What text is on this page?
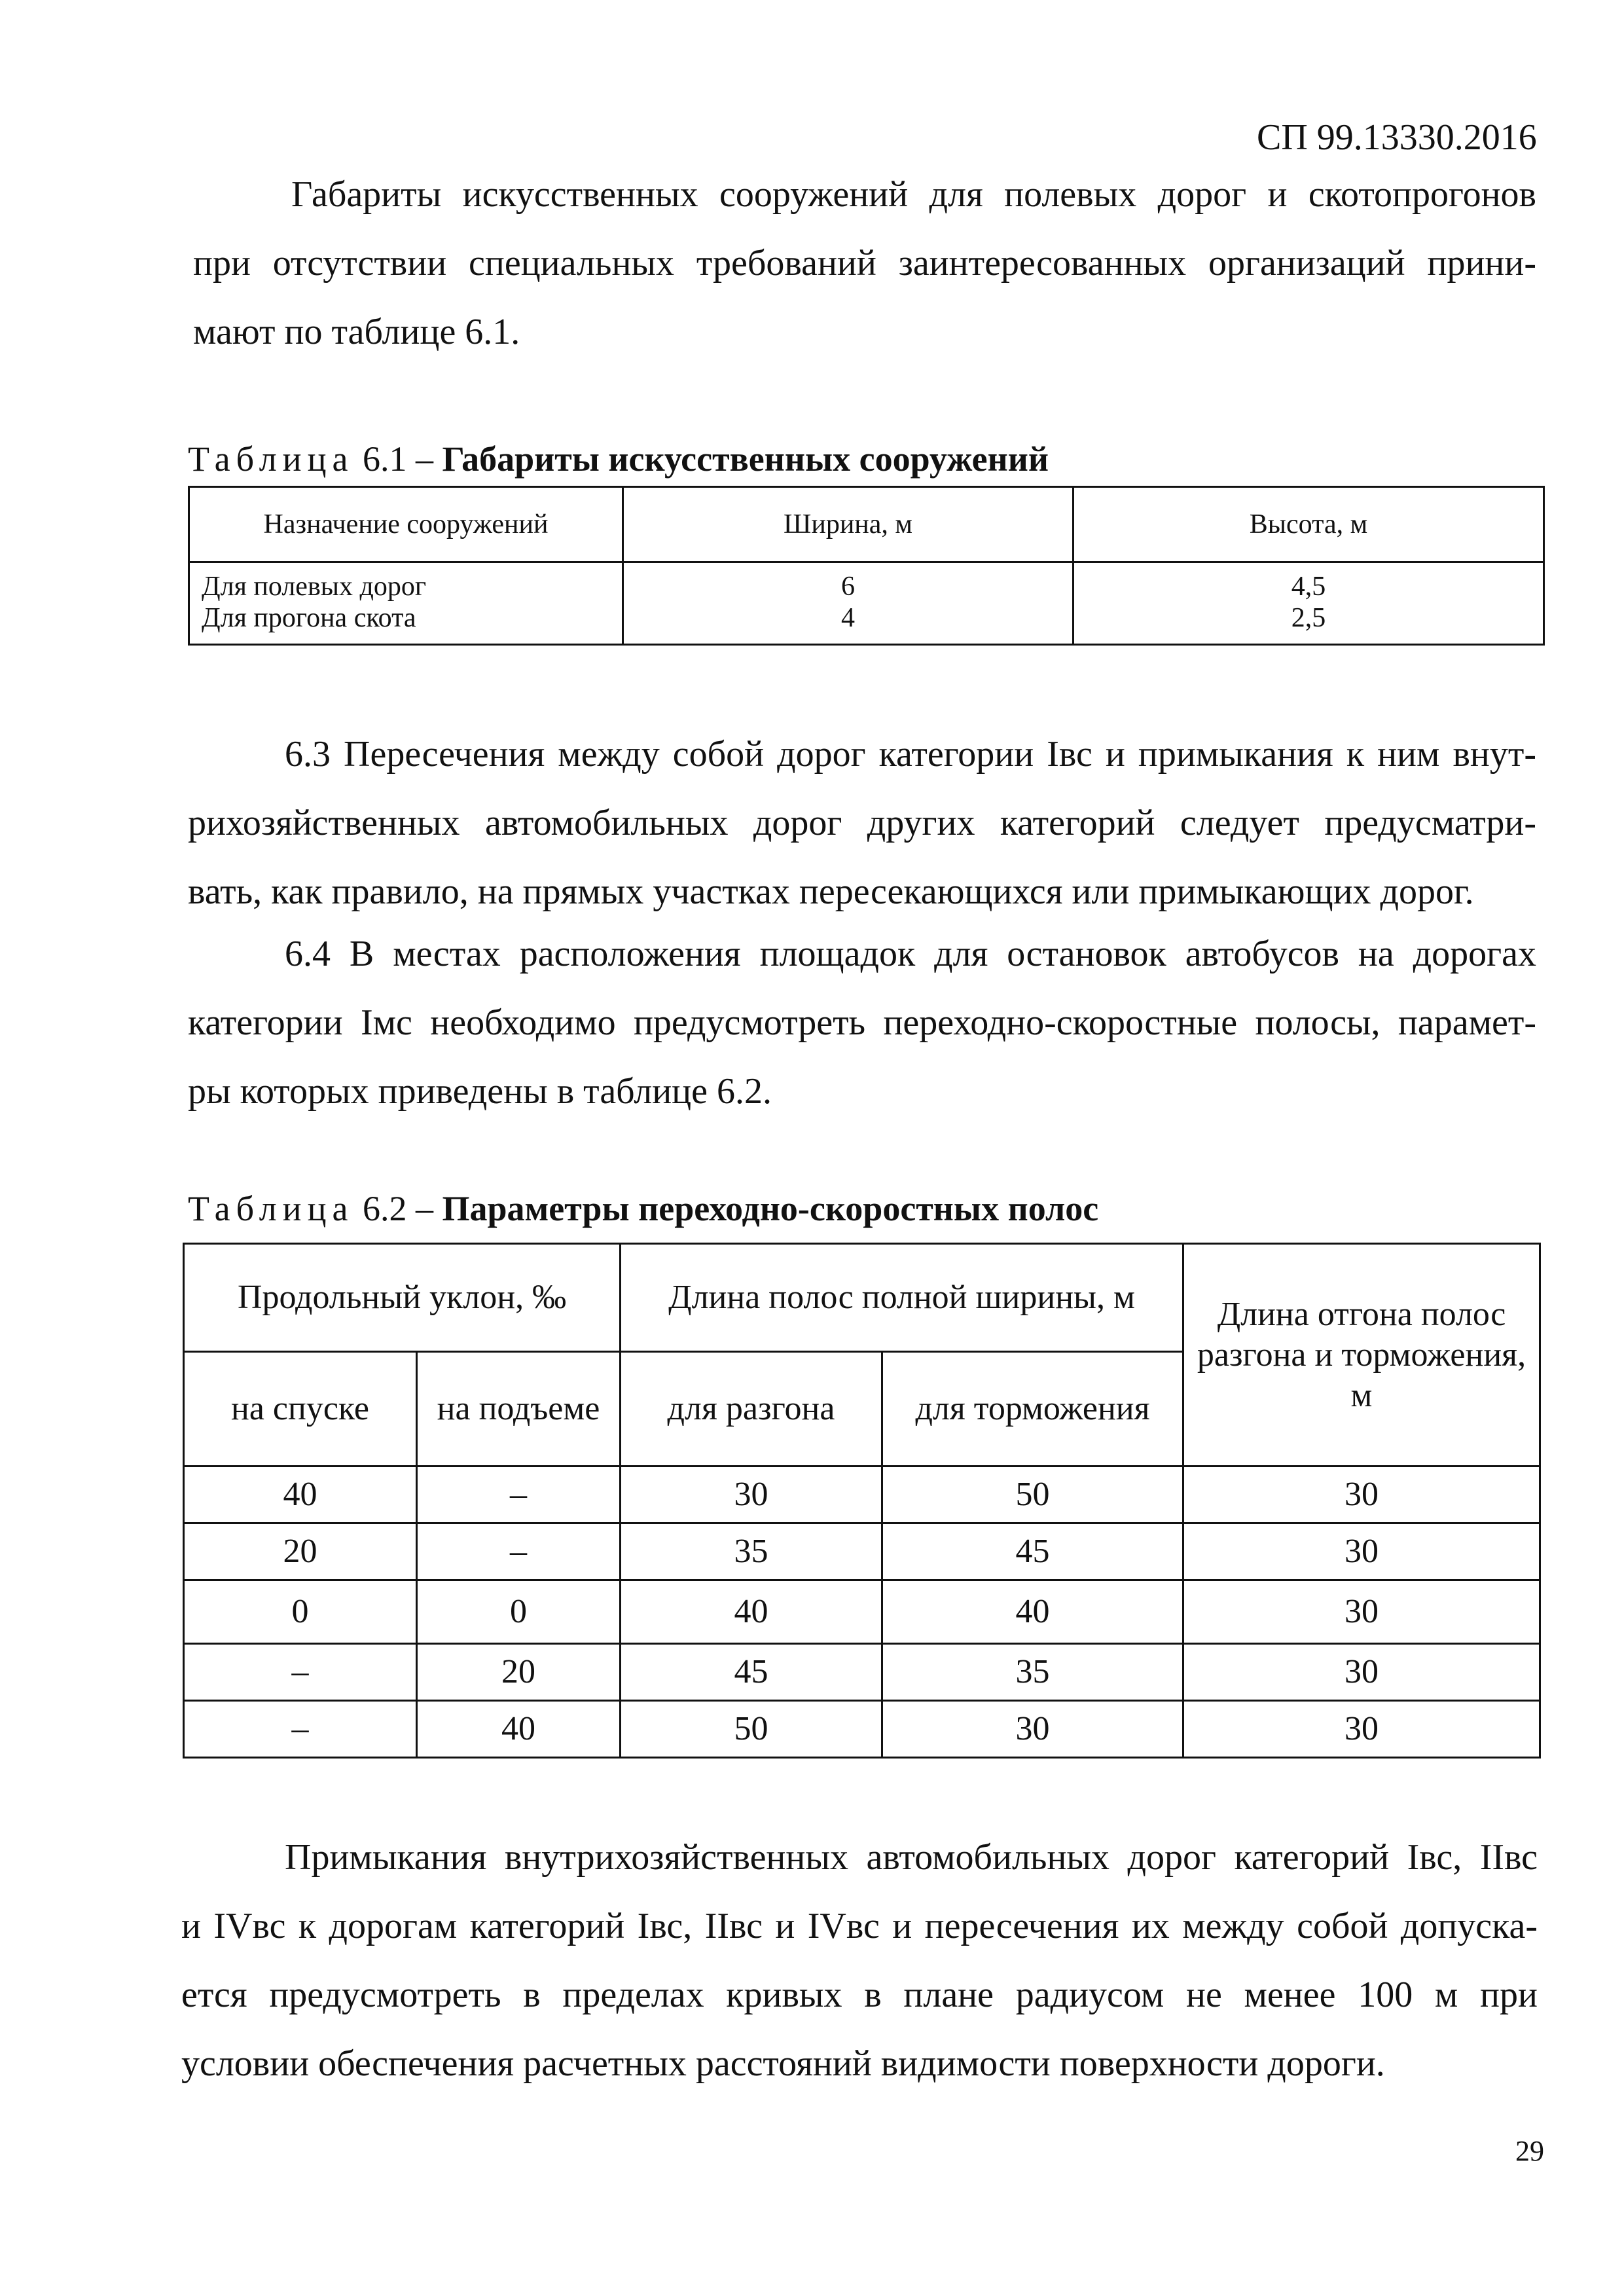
СП 99.13330.2016
Габариты искусственных сооружений для полевых дорог и скотопрогонов
при отсутствии специальных требований заинтересованных организаций прини-
мают по таблице 6.1.
Таблица 6.1 – Габариты искусственных сооружений
Назначение сооружений	Ширина, м	Высота, м
Для полевых дорог	6	4,5
Для прогона скота	4	2,5
6.3 Пересечения между собой дорог категории Iвс и примыкания к ним внут-
рихозяйственных автомобильных дорог других категорий следует предусматри-
вать, как правило, на прямых участках пересекающихся или примыкающих дорог.
6.4 В местах расположения площадок для остановок автобусов на дорогах
категории Iмс необходимо предусмотреть переходно-скоростные полосы, парамет-
ры которых приведены в таблице 6.2.
Таблица 6.2 – Параметры переходно-скоростных полос
Продольный уклон, ‰		Длина полос полной ширины, м		Длина отгона полос разгона и торможения, м
на спуске	на подъеме	для разгона	для торможения	
40	–	30	50	30
20	–	35	45	30
0	0	40	40	30
–	20	45	35	30
–	40	50	30	30
Примыкания внутрихозяйственных автомобильных дорог категорий Iвс, IIвс
и IVвс к дорогам категорий Iвс, IIвс и IVвс и пересечения их между собой допуска-
ется предусмотреть в пределах кривых в плане радиусом не менее 100 м при
условии обеспечения расчетных расстояний видимости поверхности дороги.
29
